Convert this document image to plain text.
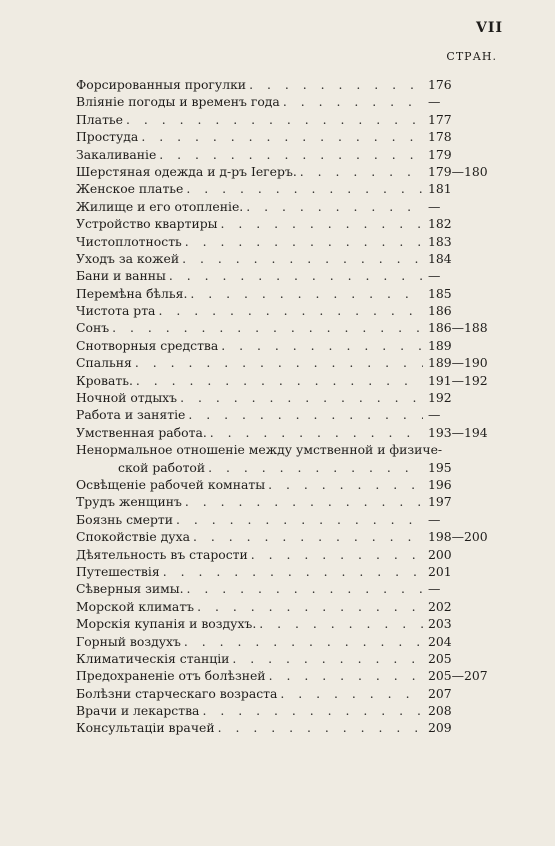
VII
СТРАН.
Форсированныя прогулки . . .	176
Вліяніе погоды и временъ года . . .	—
Платье . . .	177
Простуда . . .	178
Закаливаніе . . .	179
Шерстяная одежда и д-ръ Iегеръ. . . .	179—180
Женское платье . . .	181
Жилище и его отопленіе. . . .	—
Устройство квартиры . . .	182
Чистоплотность . . .	183
Уходъ за кожей . . .	184
Бани и ванны . . .	—
Перемѣна бѣлья. . . .	185
Чистота рта . . .	186
Сонъ . . .	186—188
Снотворныя средства . . .	189
Спальня . . .	189—190
Кровать. . . .	191—192
Ночной отдыхъ . . .	192
Работа и занятіе . . .	—
Умственная работа. . . .	193—194
Ненормальное отношеніе между умственной и физиче-
ской работой . . .	195
Освѣщеніе рабочей комнаты . . .	196
Трудъ женщинъ . . .	197
Боязнь смерти . . .	—
Спокойствіе духа . . .	198—200
Дѣятельность въ старости . . .	200
Путешествія . . .	201
Сѣверныя зимы. . . .	—
Морской климатъ . . .	202
Морскія купанія и воздухъ. . . .	203
Горный воздухъ . . .	204
Климатическія станціи . . .	205
Предохраненіе отъ болѣзней . . .	205—207
Болѣзни старческаго возраста . . .	207
Врачи и лекарства . . .	208
Консультаціи врачей . . .	209
